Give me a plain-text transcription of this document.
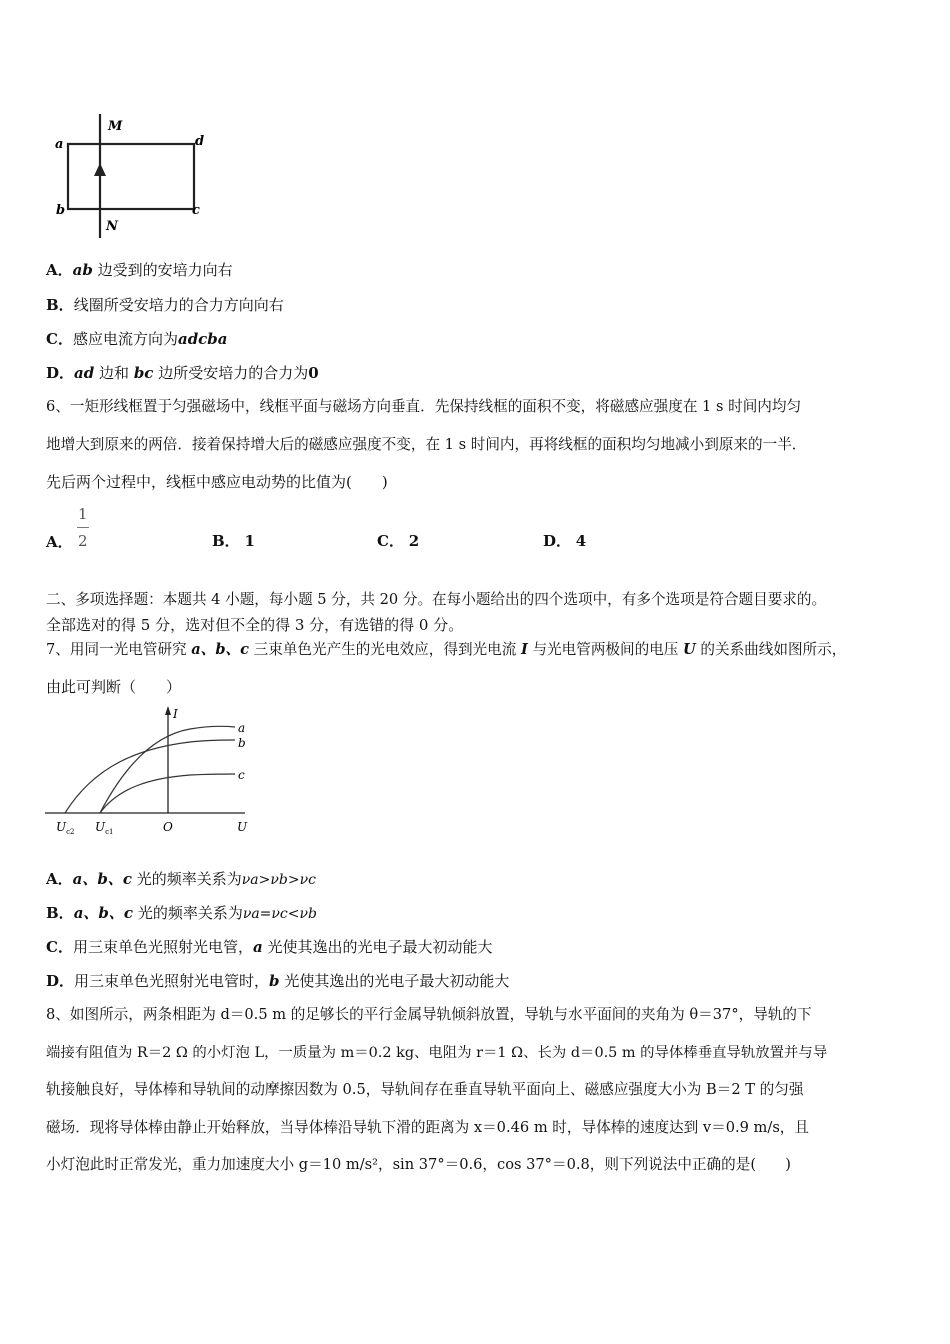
M
N
a
b	c
d
A．ab 边受到的安培力向右
B．线圈所受安培力的合力方向向右
C．感应电流方向为adcba
D．ad 边和 bc 边所受安培力的合力为0
6、一矩形线框置于匀强磁场中，线框平面与磁场方向垂直．先保持线框的面积不变，将磁感应强度在 1 s 时间内均匀
地增大到原来的两倍．接着保持增大后的磁感应强度不变，在 1 s 时间内，再将线框的面积均匀地减小到原来的一半．
先后两个过程中，线框中感应电动势的比值为(　　)
A．
1
2	B． 1	C． 2	D． 4
二、多项选择题：本题共 4 小题，每小题 5 分，共 20 分。在每小题给出的四个选项中，有多个选项是符合题目要求的。
全部选对的得 5 分，选对但不全的得 3 分，有选错的得 0 分。
7、用同一光电管研究 a、b、c 三束单色光产生的光电效应，得到光电流 I 与光电管两极间的电压 U 的关系曲线如图所示，
由此可判断（　　）
I
U
O
a
b
c
$U_{c2}$ $U_{c1}$
A．a、b、c 光的频率关系为νa>νb>νc
B．a、b、c 光的频率关系为νa=νc<νb
C．用三束单色光照射光电管，a 光使其逸出的光电子最大初动能大
D．用三束单色光照射光电管时，b 光使其逸出的光电子最大初动能大
8、如图所示，两条相距为 d＝0.5 m 的足够长的平行金属导轨倾斜放置，导轨与水平面间的夹角为 θ＝37°，导轨的下
端接有阻值为 R＝2 Ω 的小灯泡 L，一质量为 m＝0.2 kg、电阻为 r＝1 Ω、长为 d＝0.5 m 的导体棒垂直导轨放置并与导
轨接触良好，导体棒和导轨间的动摩擦因数为 0.5，导轨间存在垂直导轨平面向上、磁感应强度大小为 B＝2 T 的匀强
磁场．现将导体棒由静止开始释放，当导体棒沿导轨下滑的距离为 x＝0.46 m 时，导体棒的速度达到 v＝0.9 m/s，且
小灯泡此时正常发光，重力加速度大小 g＝10 m/s²，sin 37°＝0.6，cos 37°＝0.8，则下列说法中正确的是(　　)
